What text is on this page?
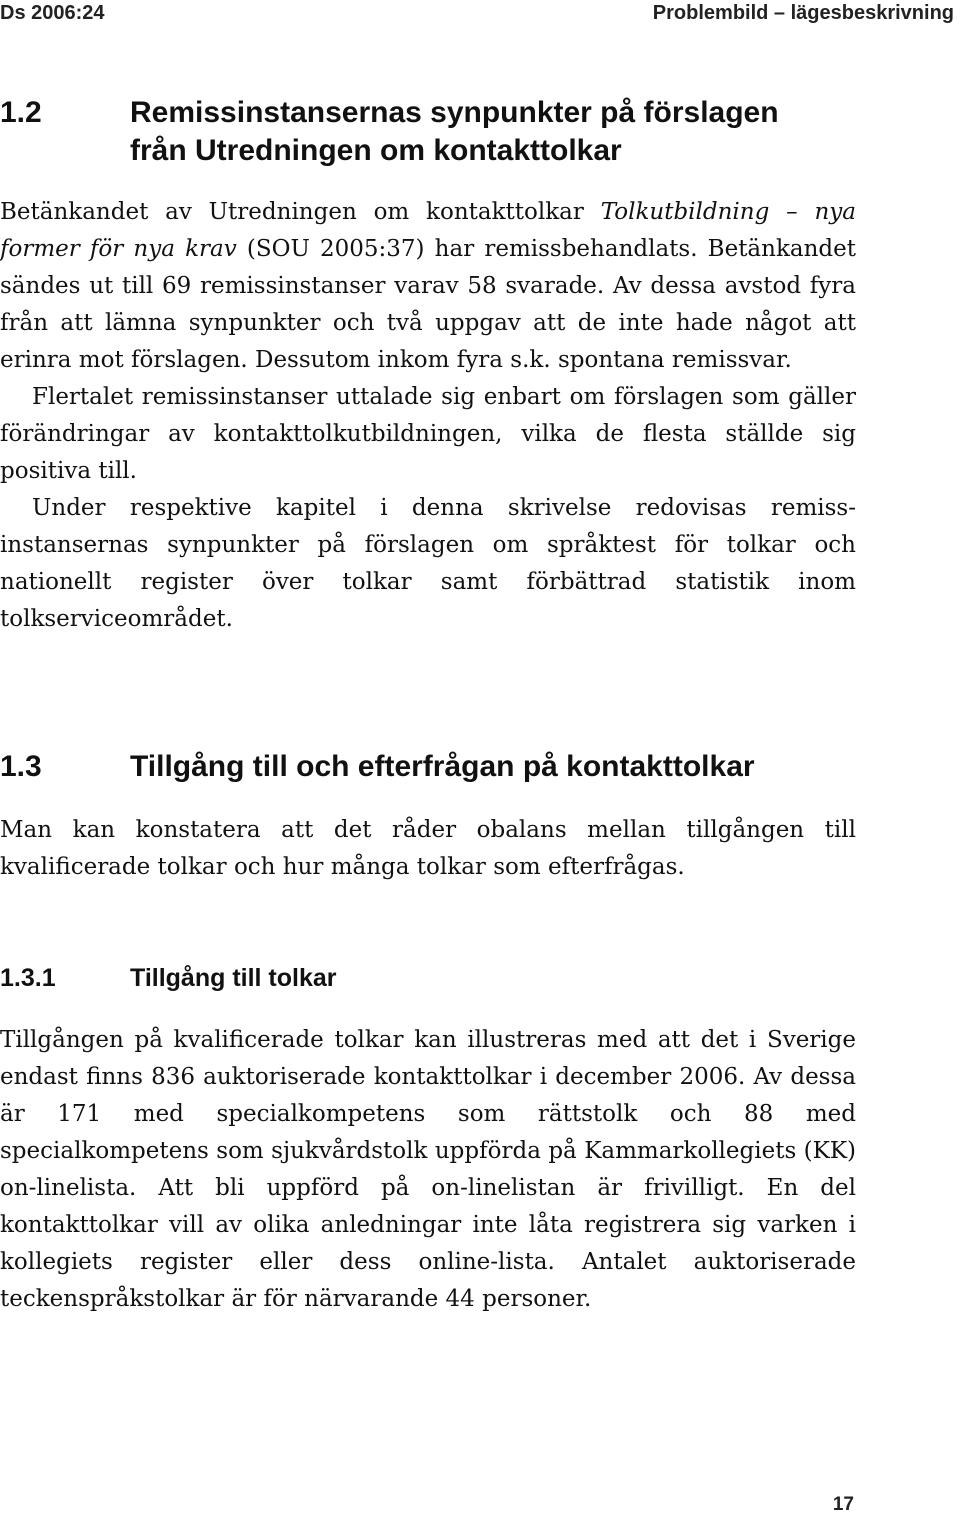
Ds 2006:24	Problembild – lägesbeskrivning
1.2	Remissinstansernas synpunkter på förslagen
från Utredningen om kontakttolkar

Betänkandet av Utredningen om kontakttolkar Tolkutbildning – nya former för nya krav (SOU 2005:37) har remissbehandlats. Betänkandet sändes ut till 69 remissinstanser varav 58 svarade. Av dessa avstod fyra från att lämna synpunkter och två uppgav att de inte hade något att erinra mot förslagen. Dessutom inkom fyra s.k. spontana remissvar.

Flertalet remissinstanser uttalade sig enbart om förslagen som gäller förändringar av kontakttolkutbildningen, vilka de flesta ställde sig positiva till.

Under respektive kapitel i denna skrivelse redovisas remissinstansernas synpunkter på förslagen om språktest för tolkar och nationellt register över tolkar samt förbättrad statistik inom tolkserviceområdet.

1.3	Tillgång till och efterfrågan på kontakttolkar

Man kan konstatera att det råder obalans mellan tillgången till kvalificerade tolkar och hur många tolkar som efterfrågas.

1.3.1	Tillgång till tolkar

Tillgången på kvalificerade tolkar kan illustreras med att det i Sverige endast finns 836 auktoriserade kontakttolkar i december 2006. Av dessa är 171 med specialkompetens som rättstolk och 88 med specialkompetens som sjukvårdstolk uppförda på Kammarkollegiets (KK) on-linelista. Att bli uppförd på on-linelistan är frivilligt. En del kontakttolkar vill av olika anledningar inte låta registrera sig varken i kollegiets register eller dess online-lista. Antalet auktoriserade teckenspråkstolkar är för närvarande 44 personer.

17
